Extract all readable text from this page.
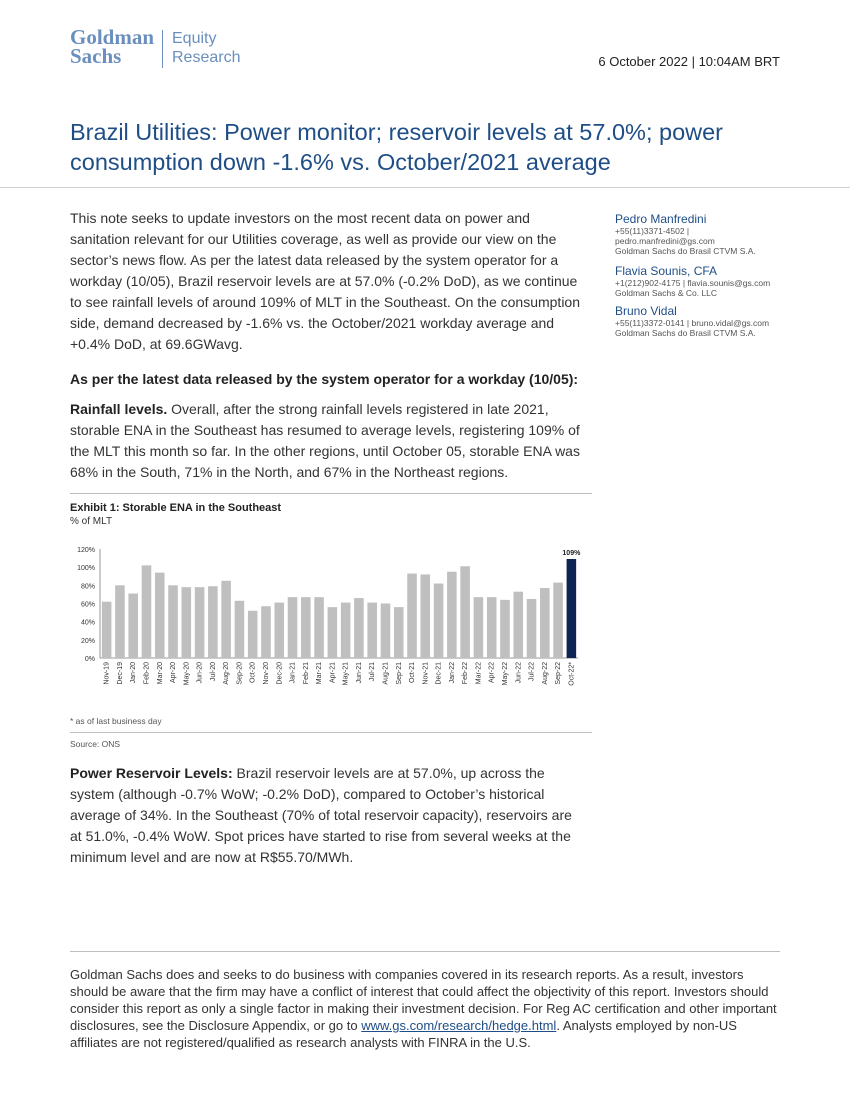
Goldman
Sachs
Equity
Research	6 October 2022 | 10:04AM BRT
Brazil Utilities: Power monitor; reservoir levels at 57.0%; power consumption down -1.6% vs. October/2021 average
This note seeks to update investors on the most recent data on power and sanitation relevant for our Utilities coverage, as well as provide our view on the sector’s news flow. As per the latest data released by the system operator for a workday (10/05), Brazil reservoir levels are at 57.0% (-0.2% DoD), as we continue to see rainfall levels of around 109% of MLT in the Southeast. On the consumption side, demand decreased by -1.6% vs. the October/2021 workday average and +0.4% DoD, at 69.6GWavg.
As per the latest data released by the system operator for a workday (10/05):
Rainfall levels. Overall, after the strong rainfall levels registered in late 2021, storable ENA in the Southeast has resumed to average levels, registering 109% of the MLT this month so far. In the other regions, until October 05, storable ENA was 68% in the South, 71% in the North, and 67% in the Northeast regions.
Pedro Manfredini
+55(11)3371-4502 |
pedro.manfredini@gs.com
Goldman Sachs do Brasil CTVM S.A.
Flavia Sounis, CFA
+1(212)902-4175 | flavia.sounis@gs.com
Goldman Sachs & Co. LLC
Bruno Vidal
+55(11)3372-0141 | bruno.vidal@gs.com
Goldman Sachs do Brasil CTVM S.A.
Exhibit 1: Storable ENA in the Southeast
% of MLT
0%
20%
40%
60%
80%
100%
120%
Nov-19 Dec-19 Jan-20 Feb-20 Mar-20 Apr-20 May-20 Jun-20 Jul-20 Aug-20 Sep-20 Oct-20 Nov-20 Dec-20 Jan-21 Feb-21 Mar-21 Apr-21 May-21 Jun-21 Jul-21 Aug-21 Sep-21 Oct-21 Nov-21 Dec-21 Jan-22 Feb-22 Mar-22 Apr-22 May-22 Jun-22 Jul-22 Aug-22 Sep-22 Oct-22*
109%
* as of last business day
Source: ONS
Power Reservoir Levels: Brazil reservoir levels are at 57.0%, up across the system (although -0.7% WoW; -0.2% DoD), compared to October’s historical average of 34%. In the Southeast (70% of total reservoir capacity), reservoirs are at 51.0%, -0.4% WoW. Spot prices have started to rise from several weeks at the minimum level and are now at R$55.70/MWh.
Goldman Sachs does and seeks to do business with companies covered in its research reports. As a result, investors should be aware that the firm may have a conflict of interest that could affect the objectivity of this report. Investors should consider this report as only a single factor in making their investment decision. For Reg AC certification and other important disclosures, see the Disclosure Appendix, or go to www.gs.com/research/hedge.html. Analysts employed by non-US affiliates are not registered/qualified as research analysts with FINRA in the U.S.
